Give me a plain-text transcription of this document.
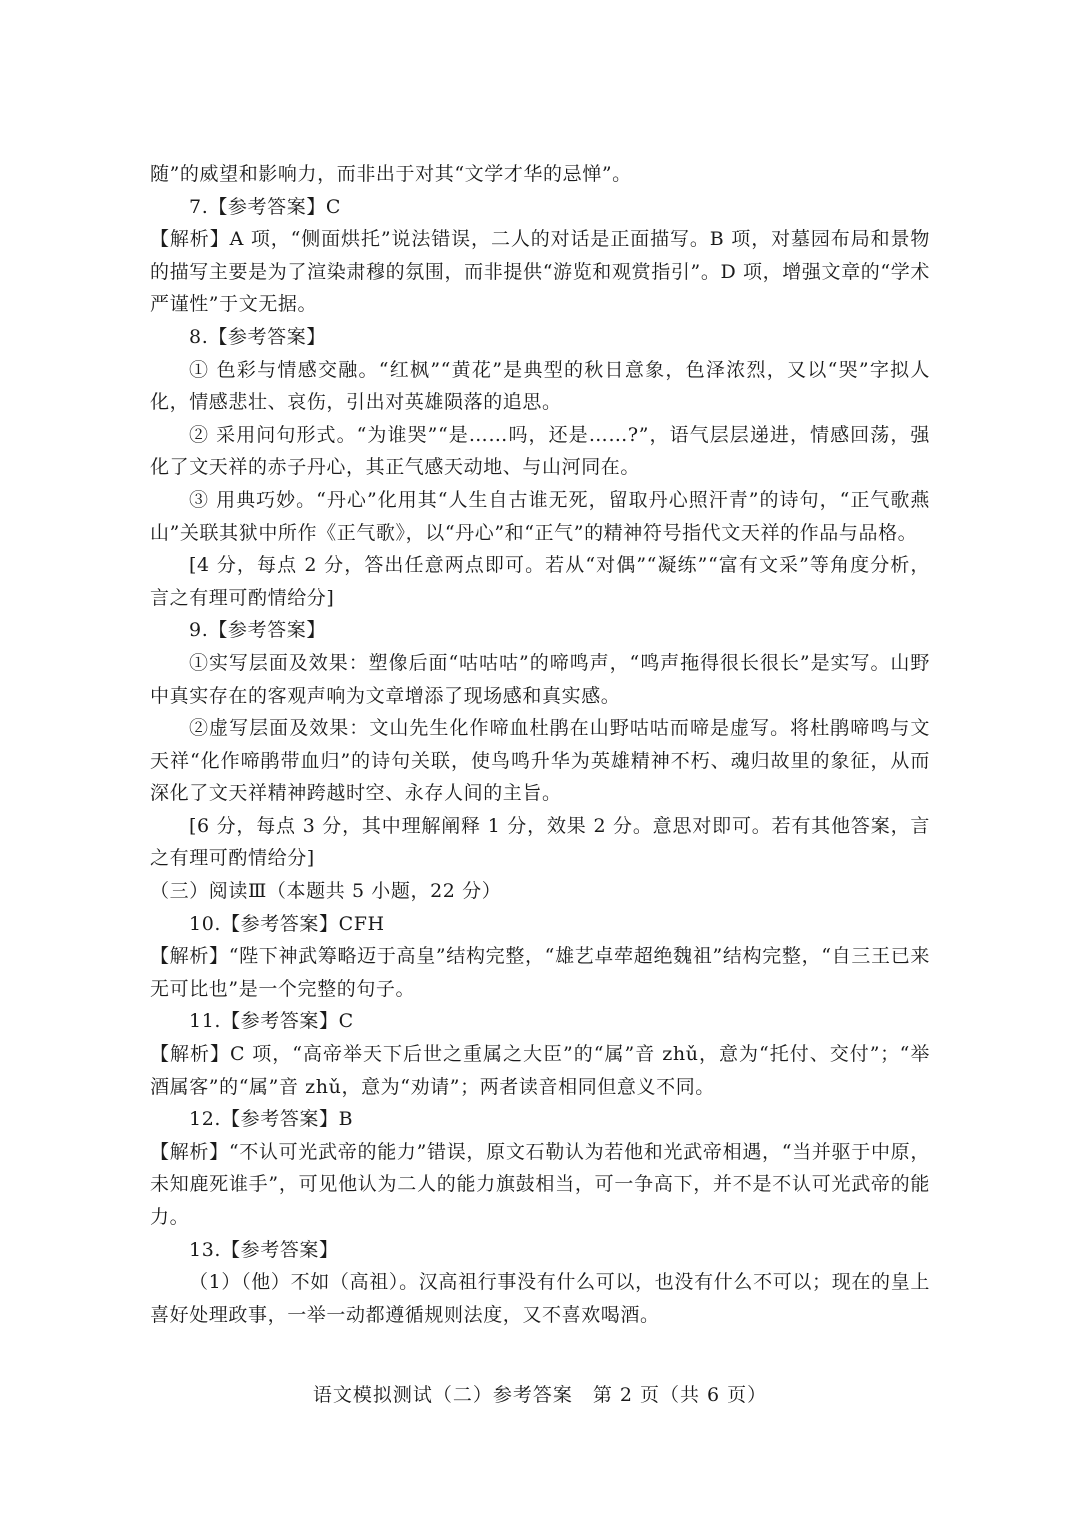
随”的威望和影响力，而非出于对其“文学才华的忌惮”。

7.【参考答案】C

【解析】A 项，“侧面烘托”说法错误，二人的对话是正面描写。B 项，对墓园布局和景物的描写主要是为了渲染肃穆的氛围，而非提供“游览和观赏指引”。D 项，增强文章的“学术严谨性”于文无据。

8.【参考答案】

① 色彩与情感交融。“红枫”“黄花”是典型的秋日意象，色泽浓烈，又以“哭”字拟人化，情感悲壮、哀伤，引出对英雄陨落的追思。

② 采用问句形式。“为谁哭”“是……吗，还是……?”，语气层层递进，情感回荡，强化了文天祥的赤子丹心，其正气感天动地、与山河同在。

③ 用典巧妙。“丹心”化用其“人生自古谁无死，留取丹心照汗青”的诗句，“正气歌燕山”关联其狱中所作《正气歌》，以“丹心”和“正气”的精神符号指代文天祥的作品与品格。

[4 分，每点 2 分，答出任意两点即可。若从“对偶”“凝练”“富有文采”等角度分析，言之有理可酌情给分]

9.【参考答案】

①实写层面及效果：塑像后面“咕咕咕”的啼鸣声，“鸣声拖得很长很长”是实写。山野中真实存在的客观声响为文章增添了现场感和真实感。

②虚写层面及效果：文山先生化作啼血杜鹃在山野咕咕而啼是虚写。将杜鹃啼鸣与文天祥“化作啼鹃带血归”的诗句关联，使鸟鸣升华为英雄精神不朽、魂归故里的象征，从而深化了文天祥精神跨越时空、永存人间的主旨。

[6 分，每点 3 分，其中理解阐释 1 分，效果 2 分。意思对即可。若有其他答案，言之有理可酌情给分]

（三）阅读Ⅲ（本题共 5 小题，22 分）

10.【参考答案】CFH

【解析】“陛下神武筹略迈于高皇”结构完整，“雄艺卓荦超绝魏祖”结构完整，“自三王已来无可比也”是一个完整的句子。

11.【参考答案】C

【解析】C 项，“高帝举天下后世之重属之大臣”的“属”音 zhǔ，意为“托付、交付”；“举酒属客”的“属”音 zhǔ，意为“劝请”；两者读音相同但意义不同。

12.【参考答案】B

【解析】“不认可光武帝的能力”错误，原文石勒认为若他和光武帝相遇，“当并驱于中原，未知鹿死谁手”，可见他认为二人的能力旗鼓相当，可一争高下，并不是不认可光武帝的能力。

13.【参考答案】

（1）（他）不如（高祖）。汉高祖行事没有什么可以，也没有什么不可以；现在的皇上喜好处理政事，一举一动都遵循规则法度，又不喜欢喝酒。

语文模拟测试（二）参考答案　第 2 页（共 6 页）
